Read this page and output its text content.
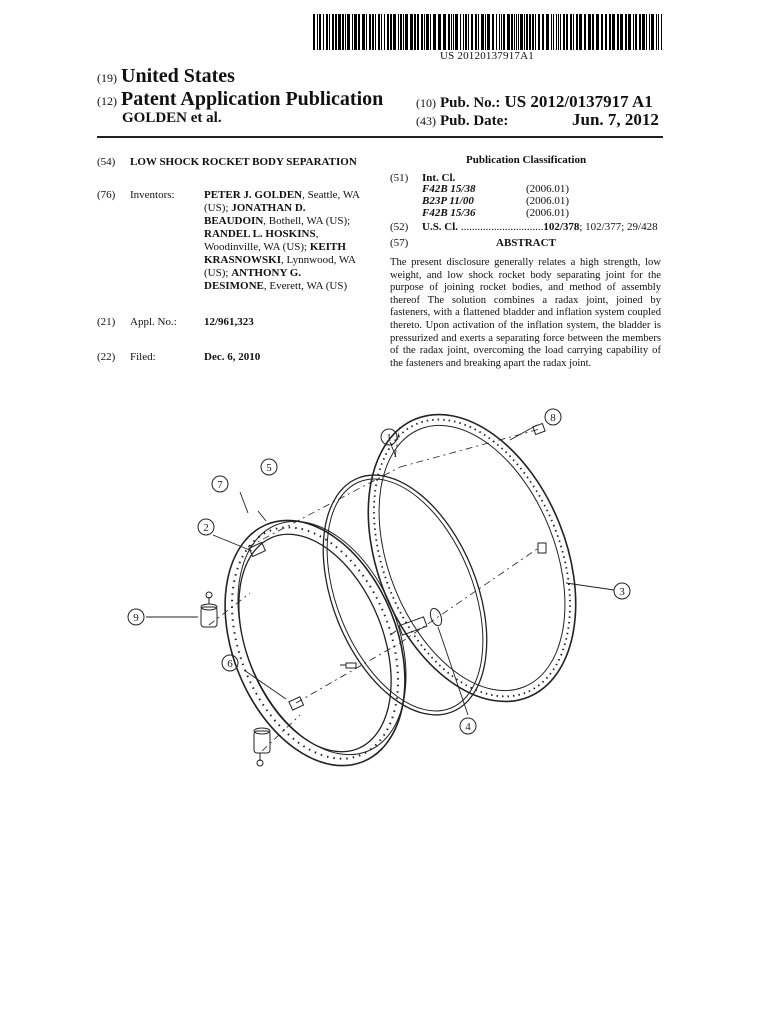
US 20120137917A1
(19) United States
(12) Patent Application Publication
GOLDEN et al.
(10) Pub. No.: US 2012/0137917 A1
(43) Pub. Date:	Jun. 7, 2012
(54) LOW SHOCK ROCKET BODY SEPARATION
(76) Inventors:	PETER J. GOLDEN, Seattle, WA (US); JONATHAN D. BEAUDOIN, Bothell, WA (US); RANDEL L. HOSKINS, Woodinville, WA (US); KEITH KRASNOWSKI, Lynnwood, WA (US); ANTHONY G. DESIMONE, Everett, WA (US)
(21) Appl. No.: 12/961,323
(22) Filed:	Dec. 6, 2010
Publication Classification
(51) Int. Cl.
F42B 15/38	(2006.01)
B23P 11/00	(2006.01)
F42B 15/36	(2006.01)
(52) U.S. Cl. ..............................102/378; 102/377; 29/428
(57)	ABSTRACT
The present disclosure generally relates a high strength, low weight, and low shock rocket body separating joint for the purpose of joining rocket bodies, and method of assembly thereof The solution combines a radax joint, joined by fasteners, with a flattened bladder and inflation system coupled thereto. Upon activation of the inflation system, the bladder is pressurized and exerts a separating force between the members of the radax joint, overcoming the load carrying capability of the fasteners and breaking apart the radax joint.
1
2
3
4
5
6
7
8
9
